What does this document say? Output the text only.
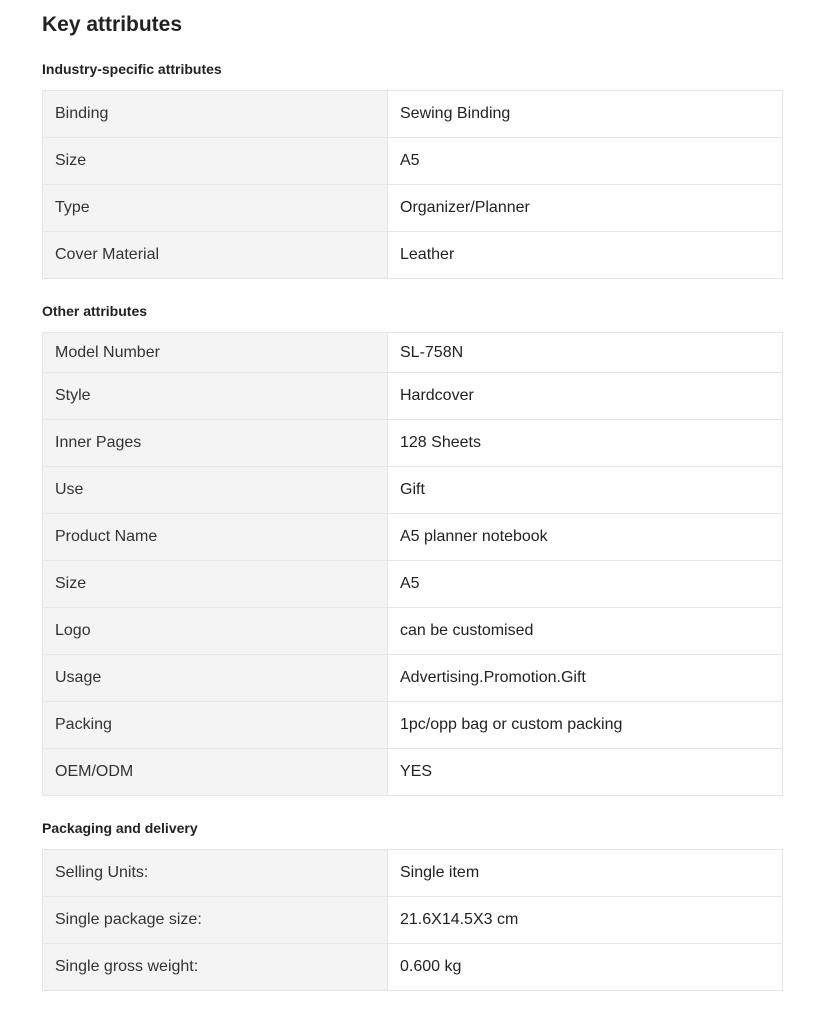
Key attributes
Industry-specific attributes
Binding	Sewing Binding
Size	A5
Type	Organizer/Planner
Cover Material	Leather
Other attributes
Model Number	SL-758N
Style	Hardcover
Inner Pages	128 Sheets
Use	Gift
Product Name	A5 planner notebook
Size	A5
Logo	can be customised
Usage	Advertising.Promotion.Gift
Packing	1pc/opp bag or custom packing
OEM/ODM	YES
Packaging and delivery
Selling Units:	Single item
Single package size:	21.6X14.5X3 cm
Single gross weight:	0.600 kg
